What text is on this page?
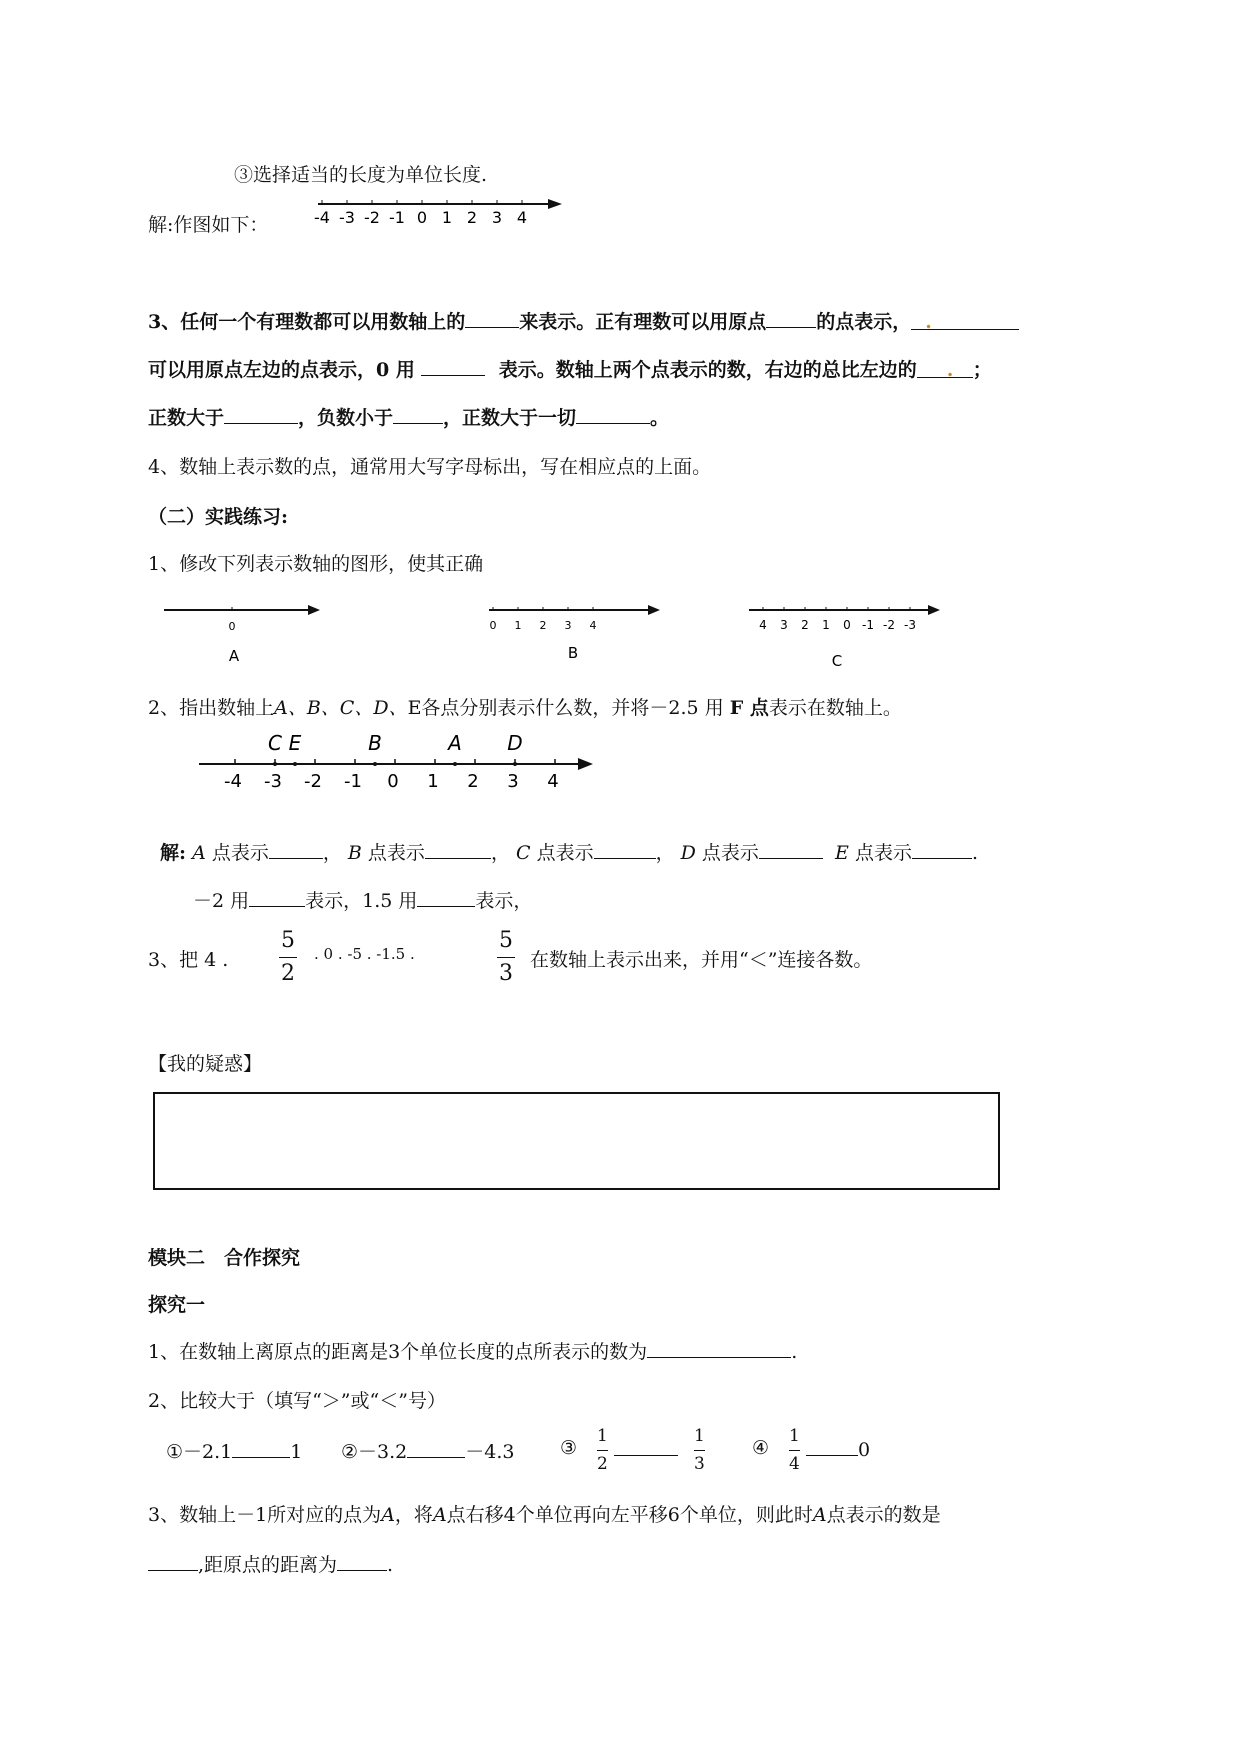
③选择适当的长度为单位长度.
解:作图如下：	-4 -3 -2 -1 0 1 2 3 4
3、任何一个有理数都可以用数轴上的	来表示。正有理数可以用原点	的点表示， .
可以用原点左边的点表示，0 用	表示。数轴上两个点表示的数，右边的总比左边的 . ；
正数大于	，负数小于	，正数大于一切	。
4、数轴上表示数的点，通常用大写字母标出，写在相应点的上面。
（二）实践练习:
1、修改下列表示数轴的图形，使其正确
0
A
0 1 2 3 4
B
4 3 2 1 0 -1 -2 -3
C
2、指出数轴上A、B、C、D、E各点分别表示什么数，并将－2.5 用 F 点表示在数轴上。
-4 -3 -2 -1 0 1 2 3 4
C E	B	A D
解: A 点表示	， B 点表示	， C 点表示	， D 点表示	E 点表示	.
－2 用	表示，1.5 用	表示，
3、把 4 .
5
2
. 0 . -5 . -1.5 .
5
3
在数轴上表示出来，并用“＜”连接各数。
【我的疑惑】
模块二　合作探究
探究一
1、在数轴上离原点的距离是3个单位长度的点所表示的数为	.
2、比较大于（填写“＞”或“＜”号）
①－2.1	1 ②－3.2	－4.3 ③
1
2
1
3
④
1
4
0
3、数轴上－1所对应的点为A，将A点右移4个单位再向左平移6个单位，则此时A点表示的数是
,距原点的距离为	.
